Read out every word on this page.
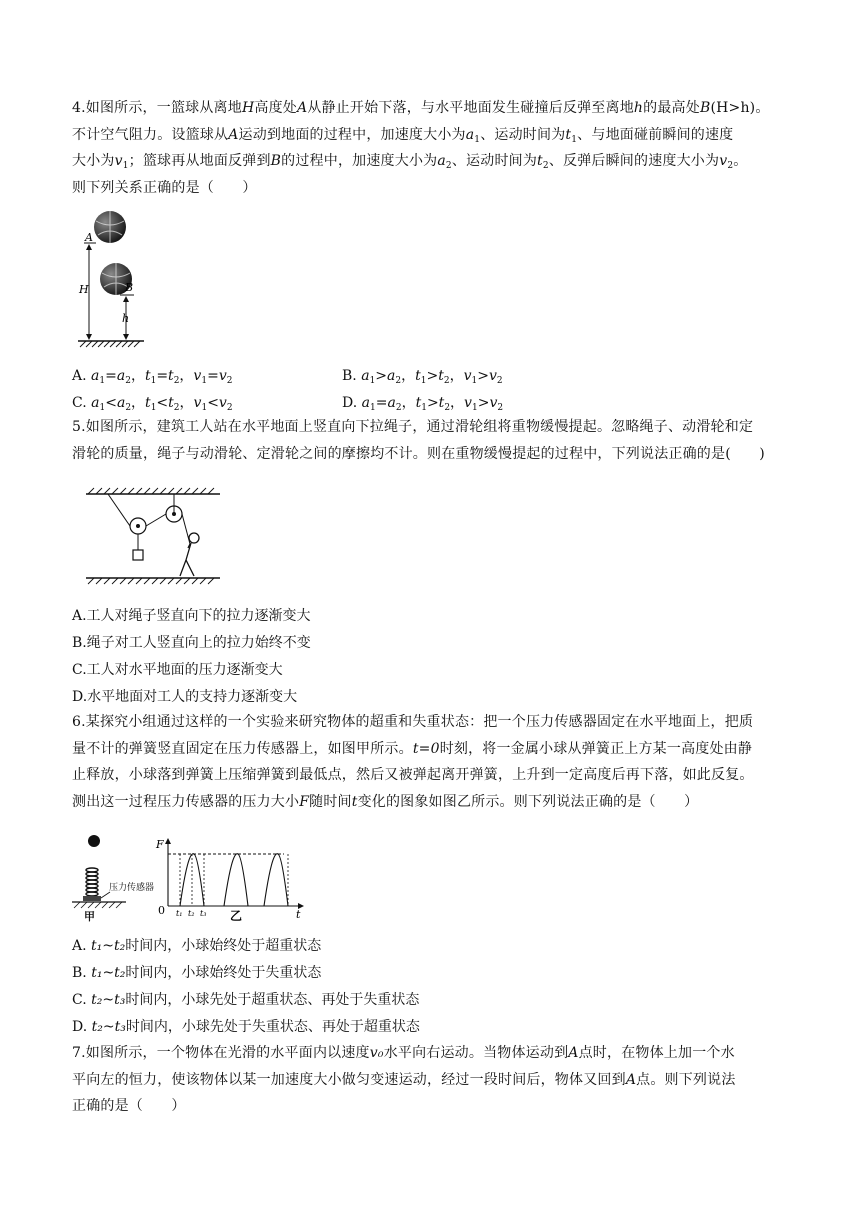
4.如图所示，一篮球从离地H高度处A从静止开始下落，与水平地面发生碰撞后反弹至离地h的最高处B(H>h)。

不计空气阻力。设篮球从A运动到地面的过程中，加速度大小为$a_1$、运动时间为$t_1$、与地面碰前瞬间的速度

大小为$v_1$；篮球再从地面反弹到B的过程中，加速度大小为$a_2$、运动时间为$t_2$、反弹后瞬间的速度大小为$v_2$。

则下列关系正确的是（　　）

A
B
H
h
A. $a_1=a_2$，$t_1=t_2$，$v_1=v_2$	B. $a_1>a_2$，$t_1>t_2$，$v_1>v_2$
C. $a_1<a_2$，$t_1<t_2$，$v_1<v_2$	D. $a_1=a_2$，$t_1>t_2$，$v_1>v_2$

5.如图所示，建筑工人站在水平地面上竖直向下拉绳子，通过滑轮组将重物缓慢提起。忽略绳子、动滑轮和定

滑轮的质量，绳子与动滑轮、定滑轮之间的摩擦均不计。则在重物缓慢提起的过程中，下列说法正确的是(　　)

A.工人对绳子竖直向下的拉力逐渐变大
B.绳子对工人竖直向上的拉力始终不变
C.工人对水平地面的压力逐渐变大
D.水平地面对工人的支持力逐渐变大

6.某探究小组通过这样的一个实验来研究物体的超重和失重状态：把一个压力传感器固定在水平地面上，把质

量不计的弹簧竖直固定在压力传感器上，如图甲所示。t=0时刻，将一金属小球从弹簧正上方某一高度处由静

止释放，小球落到弹簧上压缩弹簧到最低点，然后又被弹起离开弹簧，上升到一定高度后再下落，如此反复。

测出这一过程压力传感器的压力大小F随时间t变化的图象如图乙所示。则下列说法正确的是（　　）

压力传感器
甲
F
t
0 t₁ t₂ t₃ 乙
A. t₁~t₂时间内，小球始终处于超重状态
B. t₁~t₂时间内，小球始终处于失重状态
C. t₂~t₃时间内，小球先处于超重状态、再处于失重状态
D. t₂~t₃时间内，小球先处于失重状态、再处于超重状态

7.如图所示，一个物体在光滑的水平面内以速度v₀水平向右运动。当物体运动到A点时，在物体上加一个水

平向左的恒力，使该物体以某一加速度大小做匀变速运动，经过一段时间后，物体又回到A点。则下列说法

正确的是（　　）
